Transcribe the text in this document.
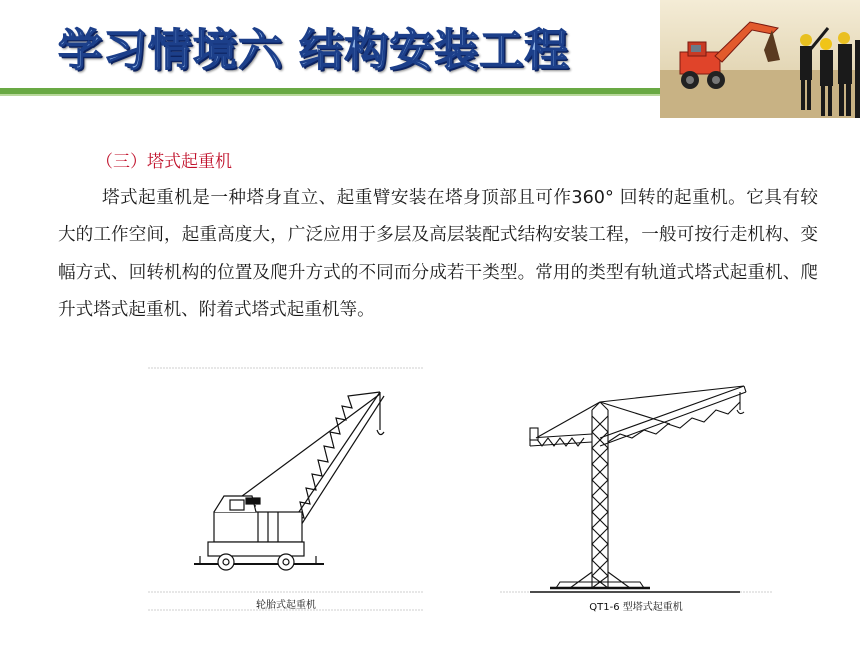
学习情境六 结构安装工程
（三）塔式起重机
塔式起重机是一种塔身直立、起重臂安装在塔身顶部且可作360° 回转的起重机。它具有较大的工作空间，起重高度大，广泛应用于多层及高层装配式结构安装工程，一般可按行走机构、变幅方式、回转机构的位置及爬升方式的不同而分成若干类型。常用的类型有轨道式塔式起重机、爬升式塔式起重机、附着式塔式起重机等。
轮胎式起重机	QT1-6 型塔式起重机
